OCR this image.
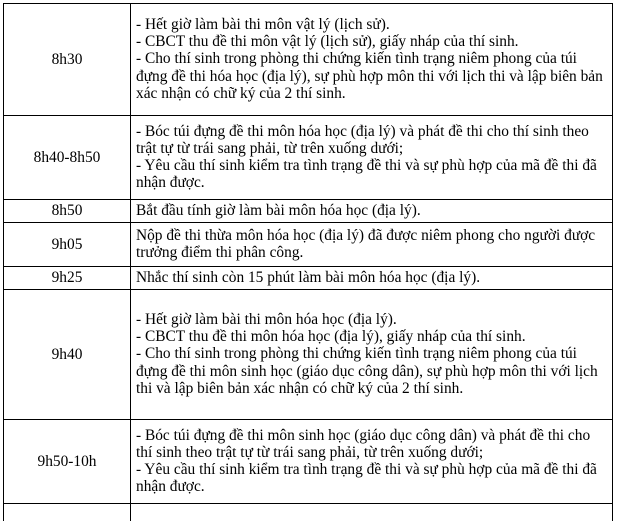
8h30	- Hết giờ làm bài thi môn vật lý (lịch sử).
- CBCT thu đề thi môn vật lý (lịch sử), giấy nháp của thí sinh.
- Cho thí sinh trong phòng thi chứng kiến tình trạng niêm phong của túi đựng đề thi hóa học (địa lý), sự phù hợp môn thi với lịch thi và lập biên bản xác nhận có chữ ký của 2 thí sinh.

8h40-8h50	- Bóc túi đựng đề thi môn hóa học (địa lý) và phát đề thi cho thí sinh theo trật tự từ trái sang phải, từ trên xuống dưới;
- Yêu cầu thí sinh kiểm tra tình trạng đề thi và sự phù hợp của mã đề thi đã nhận được.

8h50	Bắt đầu tính giờ làm bài môn hóa học (địa lý).

9h05	Nộp đề thi thừa môn hóa học (địa lý) đã được niêm phong cho người được trưởng điểm thi phân công.

9h25	Nhắc thí sinh còn 15 phút làm bài môn hóa học (địa lý).

9h40	- Hết giờ làm bài thi môn hóa học (địa lý).
- CBCT thu đề thi môn hóa học (địa lý), giấy nháp của thí sinh.
- Cho thí sinh trong phòng thi chứng kiến tình trạng niêm phong của túi đựng đề thi môn sinh học (giáo dục công dân), sự phù hợp môn thi với lịch thi và lập biên bản xác nhận có chữ ký của 2 thí sinh.

9h50-10h	- Bóc túi đựng đề thi môn sinh học (giáo dục công dân) và phát đề thi cho thí sinh theo trật tự từ trái sang phải, từ trên xuống dưới;
- Yêu cầu thí sinh kiểm tra tình trạng đề thi và sự phù hợp của mã đề thi đã nhận được.
